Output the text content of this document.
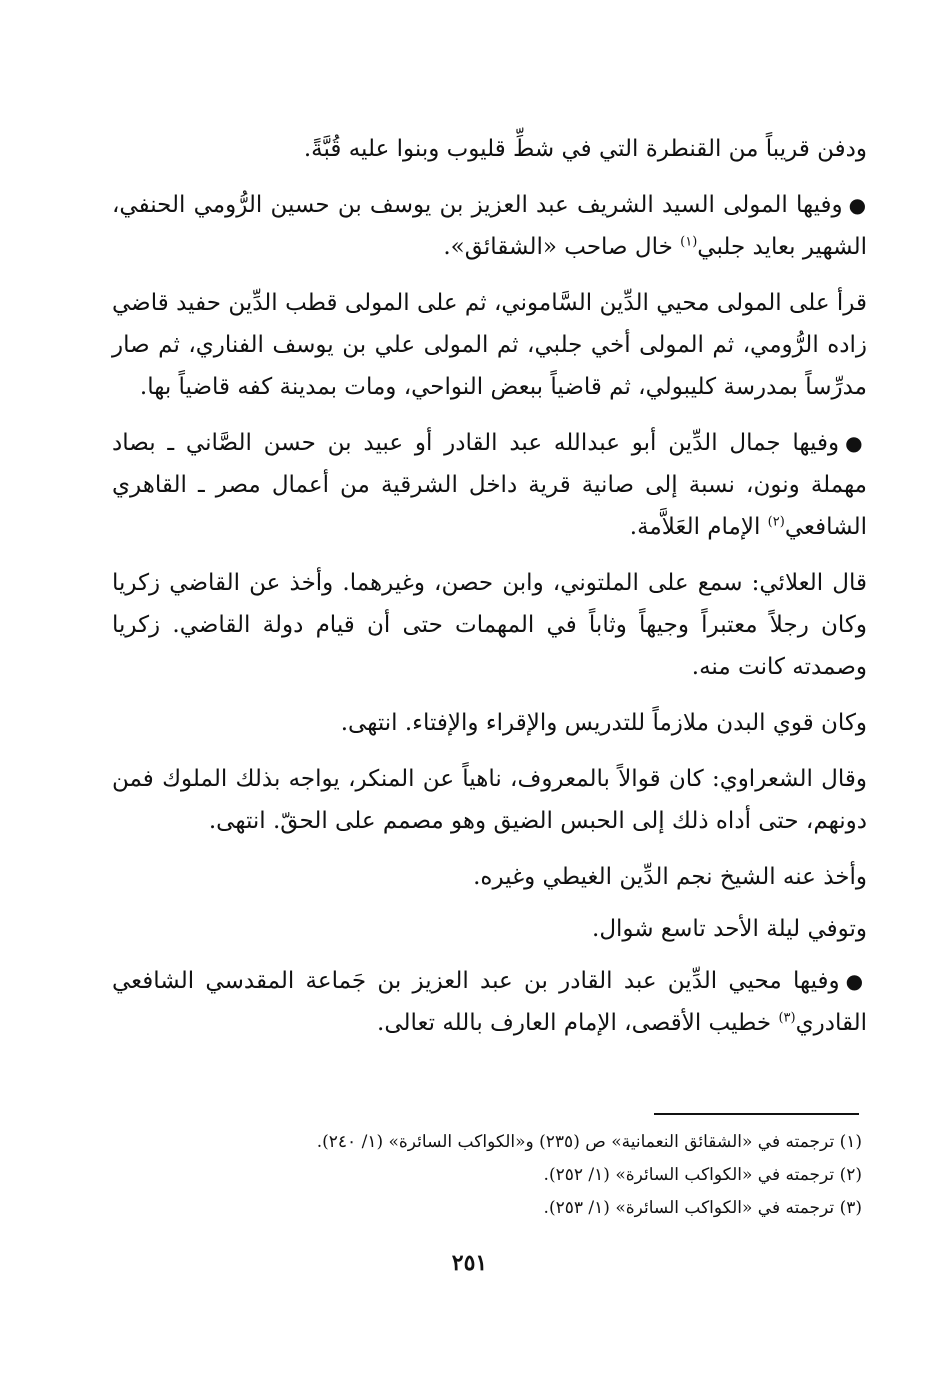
ودفن قريباً من القنطرة التي في شطِّ قليوب وبنوا عليه قُبَّةً.

●وفيها المولى السيد الشريف عبد العزيز بن يوسف بن حسين الرُّومي الحنفي، الشهير بعايد جلبي$^{(١)}$ خال صاحب «الشقائق».

قرأ على المولى محيي الدِّين السَّاموني، ثم على المولى قطب الدِّين حفيد قاضي زاده الرُّومي، ثم المولى أخي جلبي، ثم المولى علي بن يوسف الفناري، ثم صار مدرِّساً بمدرسة كليبولي، ثم قاضياً ببعض النواحي، ومات بمدينة كفه قاضياً بها.

●وفيها جمال الدِّين أبو عبدالله عبد القادر أو عبيد بن حسن الصَّاني ـ بصاد مهملة ونون، نسبة إلى صانية قرية داخل الشرقية من أعمال مصر ـ القاهري الشافعي$^{(٢)}$ الإمام العَلاَّمة.

قال العلائي: سمع على الملتوني، وابن حصن، وغيرهما. وأخذ عن القاضي زكريا وكان رجلاً معتبراً وجيهاً وثاباً في المهمات حتى أن قيام دولة القاضي. زكريا وصمدته كانت منه.

وكان قوي البدن ملازماً للتدريس والإقراء والإفتاء. انتهى.

وقال الشعراوي: كان قوالاً بالمعروف، ناهياً عن المنكر، يواجه بذلك الملوك فمن دونهم، حتى أداه ذلك إلى الحبس الضيق وهو مصمم على الحقّ. انتهى.

وأخذ عنه الشيخ نجم الدِّين الغيطي وغيره.

وتوفي ليلة الأحد تاسع شوال.

●وفيها محيي الدِّين عبد القادر بن عبد العزيز بن جَماعة المقدسي الشافعي القادري$^{(٣)}$ خطيب الأقصى، الإمام العارف بالله تعالى.

(١) ترجمته في «الشقائق النعمانية» ص (٢٣٥) و«الكواكب السائرة» (١/ ٢٤٠).

(٢) ترجمته في «الكواكب السائرة» (١/ ٢٥٢).

(٣) ترجمته في «الكواكب السائرة» (١/ ٢٥٣).

٢٥١
